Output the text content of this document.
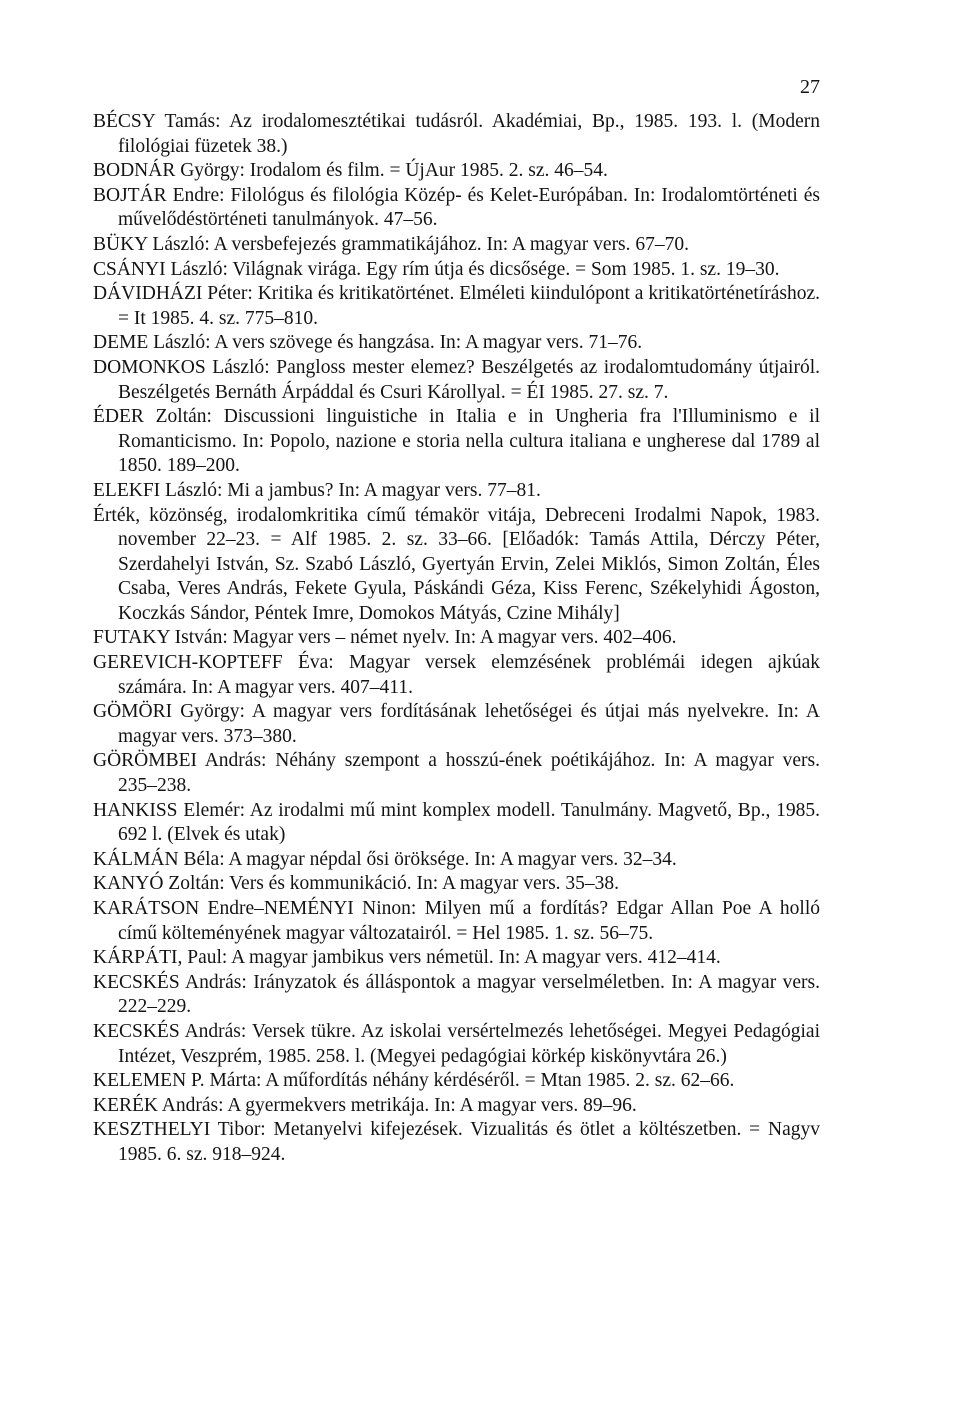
27

BÉCSY Tamás: Az irodalomesztétikai tudásról. Akadémiai, Bp., 1985. 193. l. (Modern filológiai füzetek 38.)

BODNÁR György: Irodalom és film. = ÚjAur 1985. 2. sz. 46–54.

BOJTÁR Endre: Filológus és filológia Közép- és Kelet-Európában. In: Irodalomtörténeti és művelődéstörténeti tanulmányok. 47–56.

BÜKY László: A versbefejezés grammatikájához. In: A magyar vers. 67–70.

CSÁNYI László: Világnak virága. Egy rím útja és dicsősége. = Som 1985. 1. sz. 19–30.

DÁVIDHÁZI Péter: Kritika és kritikatörténet. Elméleti kiindulópont a kritikatörténetíráshoz. = It 1985. 4. sz. 775–810.

DEME László: A vers szövege és hangzása. In: A magyar vers. 71–76.

DOMONKOS László: Pangloss mester elemez? Beszélgetés az irodalomtudomány útjairól. Beszélgetés Bernáth Árpáddal és Csuri Károllyal. = ÉI 1985. 27. sz. 7.

ÉDER Zoltán: Discussioni linguistiche in Italia e in Ungheria fra l'Illuminismo e il Romanticismo. In: Popolo, nazione e storia nella cultura italiana e ungherese dal 1789 al 1850. 189–200.

ELEKFI László: Mi a jambus? In: A magyar vers. 77–81.

Érték, közönség, irodalomkritika című témakör vitája, Debreceni Irodalmi Napok, 1983. november 22–23. = Alf 1985. 2. sz. 33–66. [Előadók: Tamás Attila, Dérczy Péter, Szerdahelyi István, Sz. Szabó László, Gyertyán Ervin, Zelei Miklós, Simon Zoltán, Éles Csaba, Veres András, Fekete Gyula, Páskándi Géza, Kiss Ferenc, Székelyhidi Ágoston, Koczkás Sándor, Péntek Imre, Domokos Mátyás, Czine Mihály]

FUTAKY István: Magyar vers – német nyelv. In: A magyar vers. 402–406.

GEREVICH-KOPTEFF Éva: Magyar versek elemzésének problémái idegen ajkúak számára. In: A magyar vers. 407–411.

GÖMÖRI György: A magyar vers fordításának lehetőségei és útjai más nyelvekre. In: A magyar vers. 373–380.

GÖRÖMBEI András: Néhány szempont a hosszú-ének poétikájához. In: A magyar vers. 235–238.

HANKISS Elemér: Az irodalmi mű mint komplex modell. Tanulmány. Magvető, Bp., 1985. 692 l. (Elvek és utak)

KÁLMÁN Béla: A magyar népdal ősi öröksége. In: A magyar vers. 32–34.

KANYÓ Zoltán: Vers és kommunikáció. In: A magyar vers. 35–38.

KARÁTSON Endre–NEMÉNYI Ninon: Milyen mű a fordítás? Edgar Allan Poe A holló című költeményének magyar változatairól. = Hel 1985. 1. sz. 56–75.

KÁRPÁTI, Paul: A magyar jambikus vers németül. In: A magyar vers. 412–414.

KECSKÉS András: Irányzatok és álláspontok a magyar verselméletben. In: A magyar vers. 222–229.

KECSKÉS András: Versek tükre. Az iskolai versértelmezés lehetőségei. Megyei Pedagógiai Intézet, Veszprém, 1985. 258. l. (Megyei pedagógiai körkép kiskönyvtára 26.)

KELEMEN P. Márta: A műfordítás néhány kérdéséről. = Mtan 1985. 2. sz. 62–66.

KERÉK András: A gyermekvers metrikája. In: A magyar vers. 89–96.

KESZTHELYI Tibor: Metanyelvi kifejezések. Vizualitás és ötlet a költészetben. = Nagyv 1985. 6. sz. 918–924.
